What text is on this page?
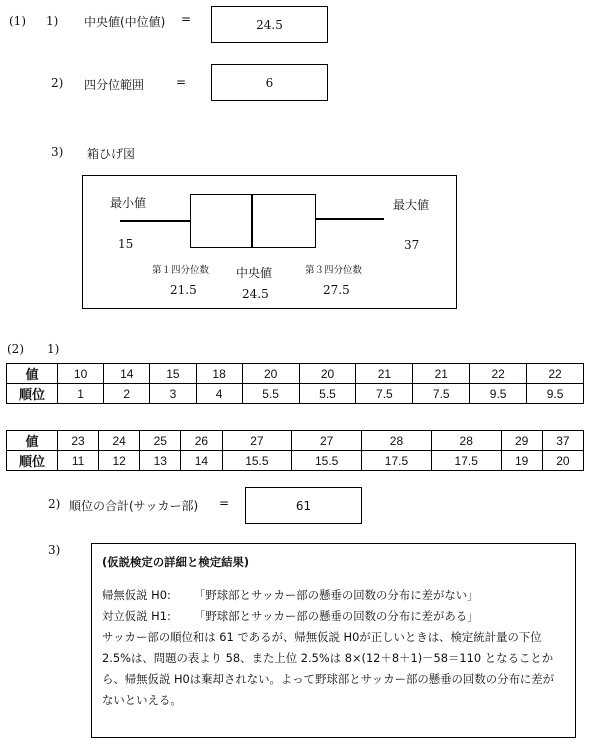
(1) 1) 中央値(中位値) =	24.5
2) 四分位範囲	=	6
3) 箱ひげ図
最小値	最大値
15	37
第１四分位数 中央値	第３四分位数
21.5	24.5	27.5
(2) 1)
値	10	14	15	18	20	20	21	21	22	22
順位	1	2	3	4	5.5	5.5	7.5	7.5	9.5	9.5
値	23	24	25	26	27	27	28	28	29	37
順位	11	12	13	14	15.5	15.5	17.5	17.5	19	20
2) 順位の合計(サッカー部) =	61
3)

(仮説検定の詳細と検定結果)

帰無仮説 H0: 「野球部とサッカー部の懸垂の回数の分布に差がない」

対立仮説 H1: 「野球部とサッカー部の懸垂の回数の分布に差がある」

サッカー部の順位和は 61 であるが、帰無仮説 H0が正しいときは、検定統計量の下位 2.5%は、問題の表より 58、また上位 2.5%は 8×(12＋8＋1)－58＝110 となることから、帰無仮説 H0は棄却されない。よって野球部とサッカー部の懸垂の回数の分布に差がないといえる。
